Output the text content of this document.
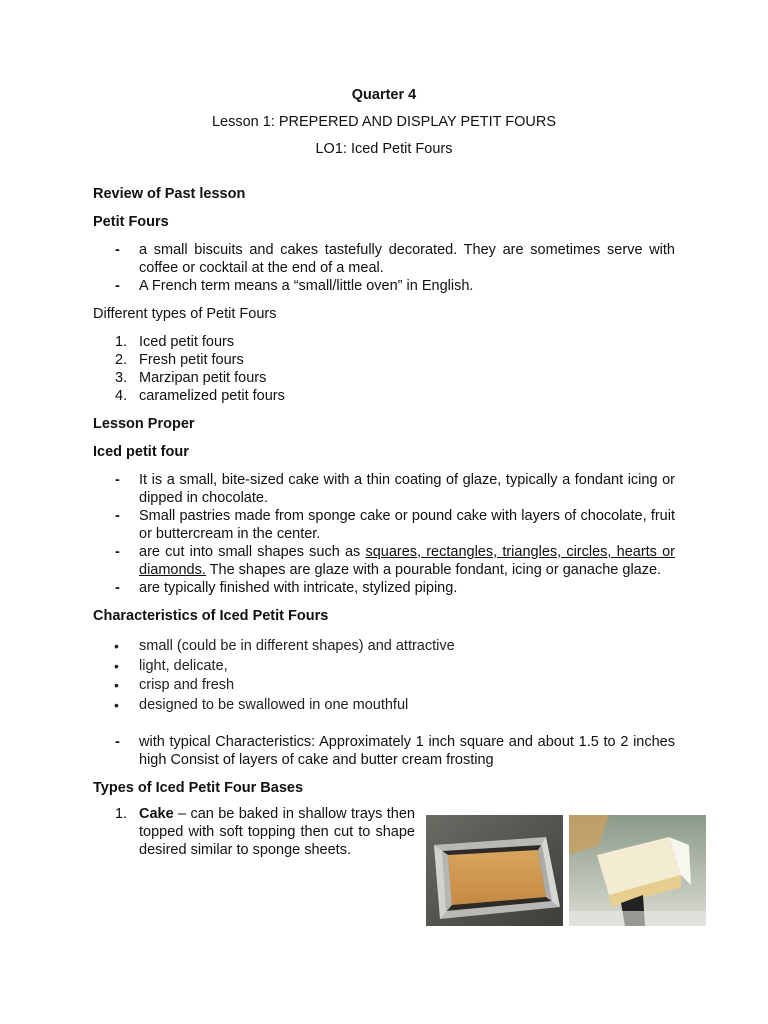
Quarter 4
Lesson 1: PREPERED AND DISPLAY PETIT FOURS
LO1: Iced Petit Fours
Review of Past lesson
Petit Fours
- a small biscuits and cakes tastefully decorated. They are sometimes serve with coffee or cocktail at the end of a meal.
- A French term means a “small/little oven” in English.

Different types of Petit Fours

1. Iced petit fours
2. Fresh petit fours
3. Marzipan petit fours
4. caramelized petit fours
Lesson Proper
Iced petit four
- It is a small, bite-sized cake with a thin coating of glaze, typically a fondant icing or dipped in chocolate.
- Small pastries made from sponge cake or pound cake with layers of chocolate, fruit or buttercream in the center.
- are cut into small shapes such as squares, rectangles, triangles, circles, hearts or diamonds. The shapes are glaze with a pourable fondant, icing or ganache glaze.
- are typically finished with intricate, stylized piping.
Characteristics of Iced Petit Fours
• small (could be in different shapes) and attractive
• light, delicate,
• crisp and fresh
• designed to be swallowed in one mouthful
- with typical Characteristics: Approximately 1 inch square and about 1.5 to 2 inches high Consist of layers of cake and butter cream frosting
Types of Iced Petit Four Bases
1. Cake – can be baked in shallow trays then topped with soft topping then cut to shape desired similar to sponge sheets.
